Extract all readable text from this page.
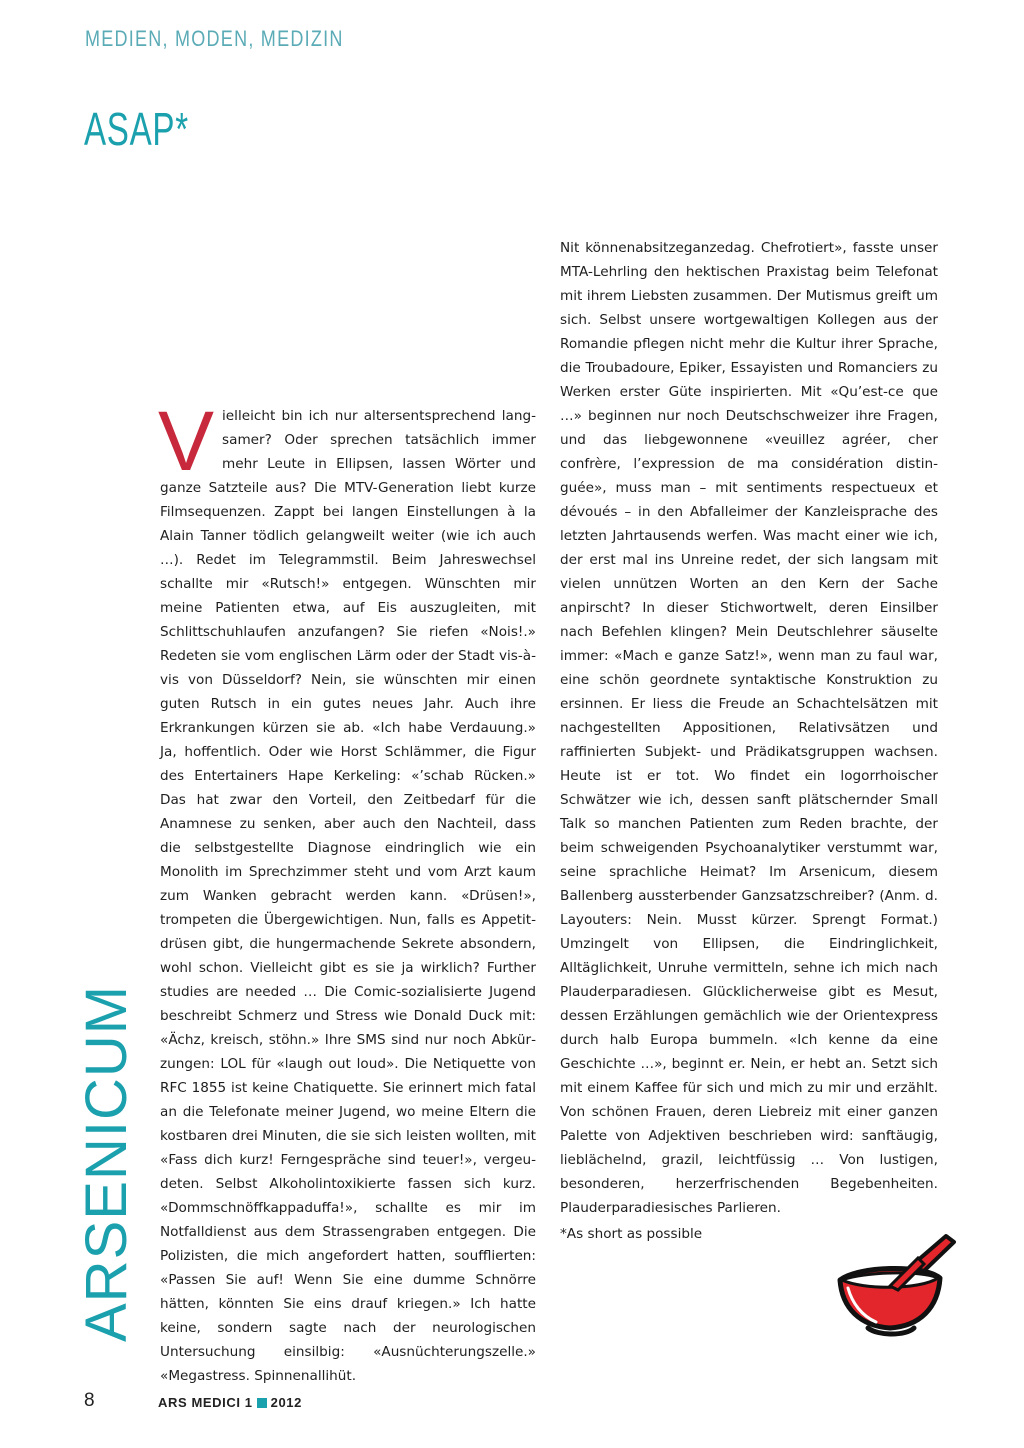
MEDIEN, MODEN, MEDIZIN
ASAP*
ARSENICUM
V ielleicht bin ich nur altersentsprechend langsamer? Oder sprechen tatsächlich immer mehr Leute in Ellipsen, lassen Wörter und ganze Satzteile aus? Die MTV-Generation liebt kurze Filmsequenzen. Zappt bei langen Einstellungen à la Alain Tanner tödlich gelangweilt weiter (wie ich auch …). Redet im Telegrammstil. Beim Jahreswechsel schallte mir «Rutsch!» entgegen. Wünschten mir meine Patienten etwa, auf Eis auszugleiten, mit Schlittschuhlaufen anzufangen? Sie riefen «Nois!.» Redeten sie vom englischen Lärm oder der Stadt vis-à-vis von Düsseldorf? Nein, sie wünschten mir einen guten Rutsch in ein gutes neues Jahr. Auch ihre Erkrankungen kürzen sie ab. «Ich habe Verdauung.» Ja, hoffentlich. Oder wie Horst Schlämmer, die Figur des Entertainers Hape Kerkeling: «’schab Rücken.» Das hat zwar den Vorteil, den Zeitbedarf für die Anamnese zu senken, aber auch den Nachteil, dass die selbstgestellte Diagnose eindringlich wie ein Monolith im Sprechzimmer steht und vom Arzt kaum zum Wanken gebracht werden kann. «Drüsen!», trompeten die Übergewichtigen. Nun, falls es Appetitdrüsen gibt, die hungermachende Sekrete absondern, wohl schon. Vielleicht gibt es sie ja wirklich? Further studies are needed … Die Comic-sozialisierte Jugend beschreibt Schmerz und Stress wie Donald Duck mit: «Ächz, kreisch, stöhn.» Ihre SMS sind nur noch Abkürzungen: LOL für «laugh out loud». Die Netiquette von RFC 1855 ist keine Chatiquette. Sie erinnert mich fatal an die Telefonate meiner Jugend, wo meine Eltern die kostbaren drei Minuten, die sie sich leisten wollten, mit «Fass dich kurz! Ferngespräche sind teuer!», vergeudeten. Selbst Alkoholintoxikierte fassen sich kurz. «Dommschnöffkappaduffa!», schallte es mir im Notfalldienst aus dem Strassengraben entgegen. Die Polizisten, die mich angefordert hatten, soufflierten: «Passen Sie auf! Wenn Sie eine dumme Schnörre hätten, könnten Sie eins drauf kriegen.» Ich hatte keine, sondern sagte nach der neurologischen Untersuchung einsilbig: «Ausnüchterungszelle.» «Megastress. Spinnenallihüt.

Nit könnenabsitzeganzedag. Chefrotiert», fasste unser MTA-Lehrling den hektischen Praxistag beim Telefonat mit ihrem Liebsten zusammen. Der Mutismus greift um sich. Selbst unsere wortgewaltigen Kollegen aus der Romandie pflegen nicht mehr die Kultur ihrer Sprache, die Troubadoure, Epiker, Essayisten und Romanciers zu Werken erster Güte inspirierten. Mit «Qu’est-ce que …» beginnen nur noch Deutschschweizer ihre Fragen, und das liebgewonnene «veuillez agréer, cher confrère, l’expression de ma considération distinguée», muss man – mit sentiments respectueux et dévoués – in den Abfalleimer der Kanzleisprache des letzten Jahrtausends werfen. Was macht einer wie ich, der erst mal ins Unreine redet, der sich langsam mit vielen unnützen Worten an den Kern der Sache anpirscht? In dieser Stichwortwelt, deren Einsilber nach Befehlen klingen? Mein Deutschlehrer säuselte immer: «Mach e ganze Satz!», wenn man zu faul war, eine schön geordnete syntaktische Konstruktion zu ersinnen. Er liess die Freude an Schachtelsätzen mit nachgestellten Appositionen, Relativsätzen und raffinierten Subjekt- und Prädikatsgruppen wachsen. Heute ist er tot. Wo findet ein logorrhoischer Schwätzer wie ich, dessen sanft plätschernder Small Talk so manchen Patienten zum Reden brachte, der beim schweigenden Psychoanalytiker verstummt war, seine sprachliche Heimat? Im Arsenicum, diesem Ballenberg aussterbender Ganzsatzschreiber? (Anm. d. Layouters: Nein. Musst kürzer. Sprengt Format.) Umzingelt von Ellipsen, die Eindringlichkeit, Alltäglichkeit, Unruhe vermitteln, sehne ich mich nach Plauderparadiesen. Glücklicherweise gibt es Mesut, dessen Erzählungen gemächlich wie der Orientexpress durch halb Europa bummeln. «Ich kenne da eine Geschichte …», beginnt er. Nein, er hebt an. Setzt sich mit einem Kaffee für sich und mich zu mir und erzählt. Von schönen Frauen, deren Liebreiz mit einer ganzen Palette von Adjektiven beschrieben wird: sanftäugig, lieblächelnd, grazil, leichtfüssig … Von lustigen, besonderen, herzerfrischenden Begebenheiten. Plauderparadiesisches Parlieren.

*As short as possible
8	ARS MEDICI 1 2012
